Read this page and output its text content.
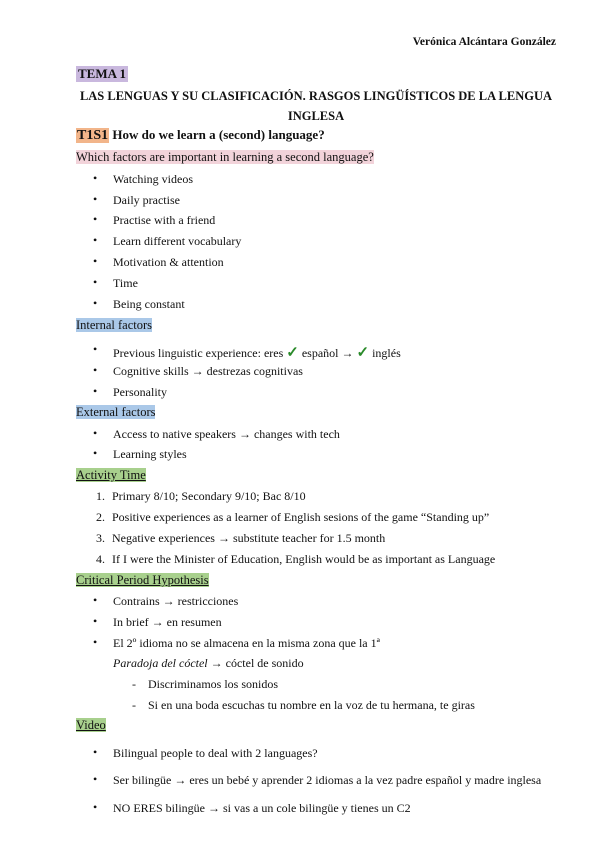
Verónica Alcántara González
TEMA 1
LAS LENGUAS Y SU CLASIFICACIÓN. RASGOS LINGÜÍSTICOS DE LA LENGUA INGLESA
T1S1 How do we learn a (second) language?
Which factors are important in learning a second language?
Watching videos
Daily practise
Practise with a friend
Learn different vocabulary
Motivation & attention
Time
Being constant
Internal factors
Previous linguistic experience: eres ✓ español → ✓ inglés
Cognitive skills → destrezas cognitivas
Personality
External factors
Access to native speakers → changes with tech
Learning styles
Activity Time
1. Primary 8/10; Secondary 9/10; Bac 8/10
2. Positive experiences as a learner of English sesions of the game “Standing up”
3. Negative experiences → substitute teacher for 1.5 month
4. If I were the Minister of Education, English would be as important as Language
Critical Period Hypothesis
Contrains → restricciones
In brief → en resumen
El 2º idioma no se almacena en la misma zona que la 1ª
Paradoja del cóctel → cóctel de sonido
- Discriminamos los sonidos
- Si en una boda escuchas tu nombre en la voz de tu hermana, te giras
Video
Bilingual people to deal with 2 languages?
Ser bilingüe → eres un bebé y aprender 2 idiomas a la vez padre español y madre inglesa
NO ERES bilingüe → si vas a un cole bilingüe y tienes un C2
